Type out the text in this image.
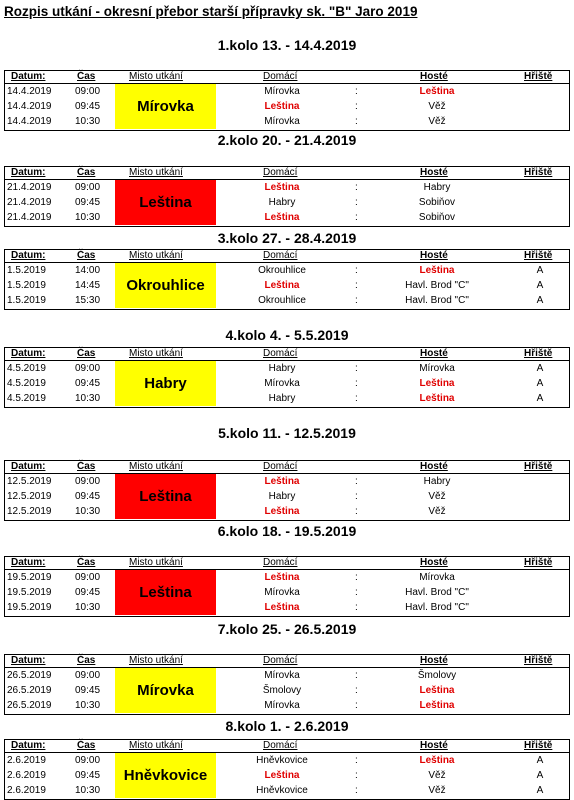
Rozpis utkání - okresní přebor starší přípravky sk. "B" Jaro 2019
1.kolo 13. - 14.4.2019
Datum:	Čas	Misto utkání	Domácí	Hosté	Hřiště
Mírovka
14.4.2019 09:00	Mírovka	:	Leština
14.4.2019 09:45	Leština	:	Věž
14.4.2019 10:30	Mírovka	:	Věž
2.kolo 20. - 21.4.2019
Datum:	Čas	Misto utkání	Domácí	Hosté	Hřiště
Leština
21.4.2019 09:00	Leština	:	Habry
21.4.2019 09:45	Habry	:	Sobiňov
21.4.2019 10:30	Leština	:	Sobiňov
3.kolo 27. - 28.4.2019
Datum:	Čas	Misto utkání	Domácí	Hosté	Hřiště
Okrouhlice
1.5.2019	14:00	Okrouhlice	:	Leština	A
1.5.2019	14:45	Leština	:	Havl. Brod "C"	A
1.5.2019	15:30	Okrouhlice	:	Havl. Brod "C"	A
4.kolo 4. - 5.5.2019
Datum:	Čas	Misto utkání	Domácí	Hosté	Hřiště
Habry
4.5.2019	09:00	Habry	:	Mírovka	A
4.5.2019	09:45	Mírovka	:	Leština	A
4.5.2019	10:30	Habry	:	Leština	A
5.kolo 11. - 12.5.2019
Datum:	Čas	Misto utkání	Domácí	Hosté	Hřiště
Leština
12.5.2019 09:00	Leština	:	Habry
12.5.2019 09:45	Habry	:	Věž
12.5.2019 10:30	Leština	:	Věž
6.kolo 18. - 19.5.2019
Datum:	Čas	Misto utkání	Domácí	Hosté	Hřiště
Leština
19.5.2019 09:00	Leština	:	Mírovka
19.5.2019 09:45	Mírovka	:	Havl. Brod "C"
19.5.2019 10:30	Leština	:	Havl. Brod "C"
7.kolo 25. - 26.5.2019
Datum:	Čas	Misto utkání	Domácí	Hosté	Hřiště
Mírovka
26.5.2019 09:00	Mírovka	:	Šmolovy
26.5.2019 09:45	Šmolovy	:	Leština
26.5.2019 10:30	Mírovka	:	Leština
8.kolo 1. - 2.6.2019
Datum:	Čas	Misto utkání	Domácí	Hosté	Hřiště
Hněvkovice
2.6.2019	09:00	Hněvkovice	:	Leština	A
2.6.2019	09:45	Leština	:	Věž	A
2.6.2019	10:30	Hněvkovice	:	Věž	A
